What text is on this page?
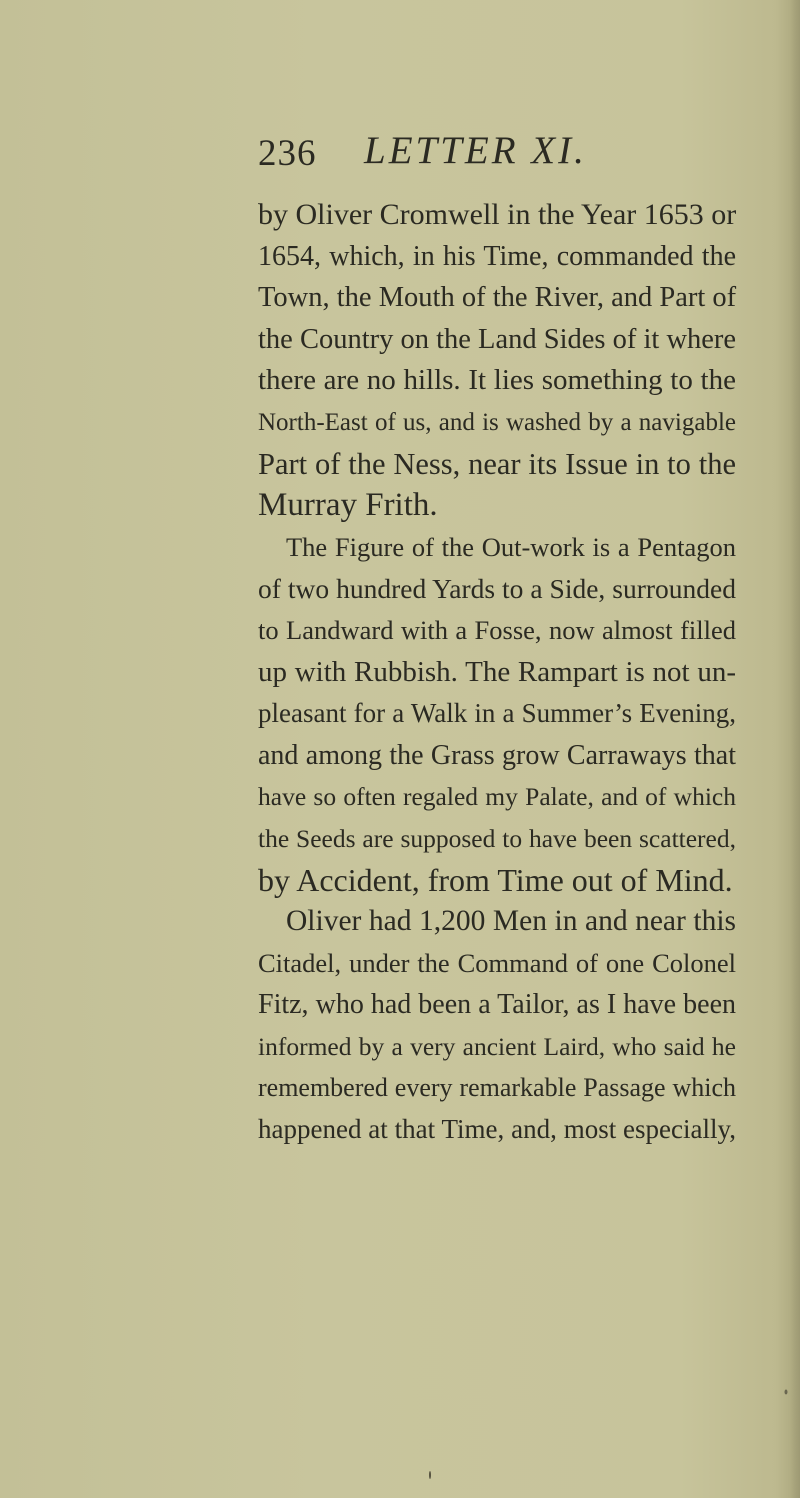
236 LETTER XI.
by Oliver Cromwell in the Year 1653 or
1654, which, in his Time, commanded the
Town, the Mouth of the River, and Part of
the Country on the Land Sides of it where
there are no hills. It lies something to the
North-East of us, and is washed by a navigable
Part of the Ness, near its Issue in to the
Murray Frith.
The Figure of the Out-work is a Pentagon
of two hundred Yards to a Side, surrounded
to Landward with a Fosse, now almost filled
up with Rubbish. The Rampart is not un-
pleasant for a Walk in a Summer’s Evening,
and among the Grass grow Carraways that
have so often regaled my Palate, and of which
the Seeds are supposed to have been scattered,
by Accident, from Time out of Mind.
Oliver had 1,200 Men in and near this
Citadel, under the Command of one Colonel
Fitz, who had been a Tailor, as I have been
informed by a very ancient Laird, who said he
remembered every remarkable Passage which
happened at that Time, and, most especially,
